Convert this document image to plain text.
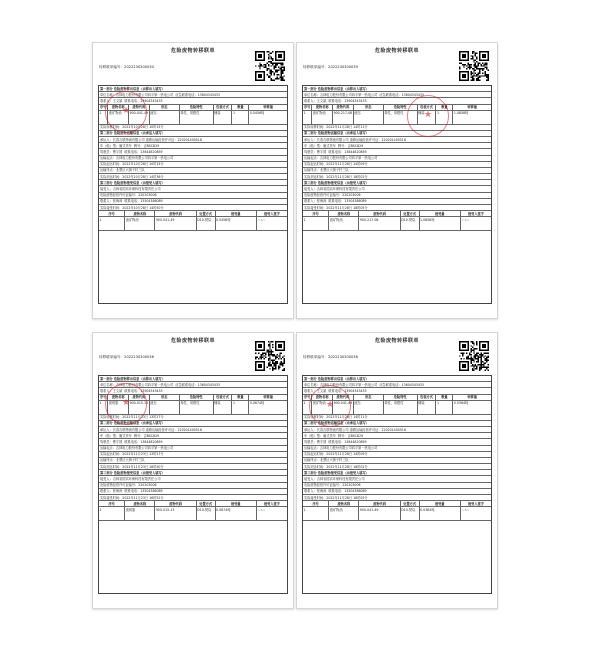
危险废物转移联单
转移联单编号：2022230300030
第一部分 危险废物移出信息（由移出人填写）
单位名称：吉林电力股份有限公司四平第一热电公司 应急联系电话：13604343433
联系人：王文斌 联系电话：13904343433
序号	废物名称	废物代码	形态	危险特性	包装方式	数量	转移量
1	废矿物油	900-041-49 液态	毒性、易燃性	桶装	1	0.0456吨
实际转移时间：2022年10月28日 10时15分
第二部分 危险废物运输信息（由承运人填写）
承运人：长春吉联物流有限公司 道路运输经营许可证：220201400518
车（船）型：厢式货车 牌号：吉BSC829
驾驶员：曹宇国 联系电话：13844820859
运输起点：吉林电力股份有限公司四平第一热电公司
实际起运时间：2022年10月28日 10时15分
运输终点：北票区大街子村三队
实际到达时间：2022年10月28日 14时36分
第三部分 危险废物接受信息（由接受人填写）
接受人：吉林省国宾环保科技有限责任公司
危险废物经营许可证编号：220203006
联系人：张海涛 联系电话：13504386089
实际接受时间：2022年10月28日 14时50分
序号	废物名称	废物代码	处置方式	接受量	接受人签字
1	废矿物油	900-041-49	D10-焚烧	0.0456吨	∼∿∼
★
危险废物转移联单
转移联单编号：2022230300039
第一部分 危险废物移出信息（由移出人填写）
单位名称：吉林电力股份有限公司四平第一热电公司 应急联系电话：13604343433
联系人：王文斌 联系电话：13904343433
序号	废物名称	废物代码	形态	危险特性	包装方式	数量	转移量
1	废矿物油	900-217-08 液态	毒性、易燃性	桶装	1	1.0858吨
实际转移时间：2022年11月28日 14时11分
第二部分 危险废物运输信息（由承运人填写）
承运人：长春吉联物流有限公司 道路运输经营许可证：220201400518
车（船）型：厢式货车 牌号：吉BSC829
驾驶员：曹宇国 联系电话：13844820859
运输起点：吉林电力股份有限公司四平第一热电公司
实际起运时间：2022年11月28日 14时09分
运输终点：北票区大街子村三队
实际到达时间：2022年11月28日 18时02分
第三部分 危险废物接受信息（由接受人填写）
接受人：吉林省国宾环保科技有限责任公司
危险废物经营许可证编号：220203006
联系人：张海涛 联系电话：13504386089
实际接受时间：2022年11月28日 18时05分
序号	废物名称	废物代码	处置方式	接受量	接受人签字
1	废矿物油	900-217-08	D10-焚烧	1.0858吨	∼∿∼
★
危险废物转移联单
转移联单编号：2022230300036
第一部分 危险废物移出信息（由移出人填写）
单位名称：吉林电力股份有限公司四平第一热电公司 应急联系电话：13604343433
联系人：王文斌 联系电话：13904343433
序号	废物名称	废物代码	形态	危险特性	包装方式	数量	转移量
1	废树脂	900-015-13 液态	毒性、易燃性	桶装	1	0.0674吨
实际转移时间：2022年11月23日 13时27分
第二部分 危险废物运输信息（由承运人填写）
承运人：长春吉联物流有限公司 道路运输经营许可证：220201400518
车（船）型：厢式货车 牌号：吉BSC829
驾驶员：曹宇国 联系电话：13844820859
运输起点：吉林电力股份有限公司四平第一热电公司
实际起运时间：2022年11月23日 13时27分
运输终点：北票区大街子村三队
实际到达时间：2022年11月23日 16时50分
第三部分 危险废物接受信息（由接受人填写）
接受人：吉林省国宾环保科技有限责任公司
危险废物经营许可证编号：220203006
联系人：张海涛 联系电话：13504386089
实际接受时间：2022年11月23日 16时52分
序号	废物名称	废物代码	处置方式	接受量	接受人签字
1	废树脂	900-015-13	D10-焚烧	0.0674吨	∼∿∼
★
危险废物转移联单
转移联单编号：2022230300038
第一部分 危险废物移出信息（由移出人填写）
单位名称：吉林电力股份有限公司四平第一热电公司 应急联系电话：13604343433
联系人：王文斌 联系电话：13904343433
序号	废物名称	废物代码	形态	危险特性	包装方式	数量	转移量
1	废矿物油	900-041-49 液态	毒性、易燃性	桶装	1	0.0364吨
实际转移时间：2022年11月28日 14时11分
第二部分 危险废物运输信息（由承运人填写）
承运人：长春吉联物流有限公司 道路运输经营许可证：220201400518
车（船）型：厢式货车 牌号：吉BSC829
驾驶员：曹宇国 联系电话：13844820859
运输起点：吉林电力股份有限公司四平第一热电公司
实际起运时间：2022年11月28日 14时09分
运输终点：北票区大街子村三队
实际到达时间：2022年11月28日 18时02分
第三部分 危险废物接受信息（由接受人填写）
接受人：吉林省国宾环保科技有限责任公司
危险废物经营许可证编号：220203006
联系人：张海涛 联系电话：13504386089
实际接受时间：2022年11月28日 18时05分
序号	废物名称	废物代码	处置方式	接受量	接受人签字
1	废矿物油	900-041-49	D10-焚烧	0.0364吨	∼∿∼
★
